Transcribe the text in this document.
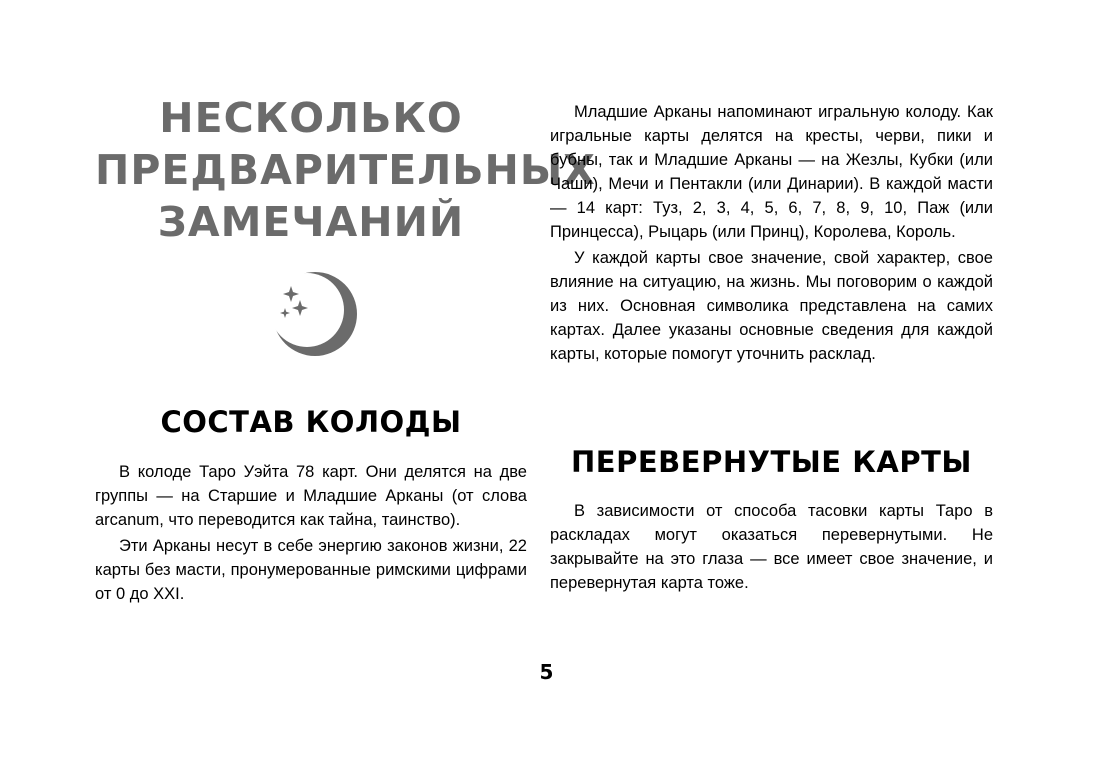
НЕСКОЛЬКО
ПРЕДВАРИТЕЛЬНЫХ
ЗАМЕЧАНИЙ
СОСТАВ КОЛОДЫ

В колоде Таро Уэйта 78 карт. Они делятся на две группы — на Старшие и Младшие Арканы (от слова arcanum, что переводится как тайна, таинство).

Эти Арканы несут в себе энергию законов жизни, 22 карты без масти, пронумерованные римскими цифрами от 0 до XXI.

Младшие Арканы напоминают игральную колоду. Как игральные карты делятся на кресты, черви, пики и бубны, так и Младшие Арканы — на Жезлы, Кубки (или Чаши), Мечи и Пентакли (или Динарии). В каждой масти — 14 карт: Туз, 2, 3, 4, 5, 6, 7, 8, 9, 10, Паж (или Принцесса), Рыцарь (или Принц), Королева, Король.

У каждой карты свое значение, свой характер, свое влияние на ситуацию, на жизнь. Мы поговорим о каждой из них. Основная символика представлена на самих картах. Далее указаны основные сведения для каждой карты, которые помогут уточнить расклад.

ПЕРЕВЕРНУТЫЕ КАРТЫ

В зависимости от способа тасовки карты Таро в раскладах могут оказаться перевернутыми. Не закрывайте на это глаза — все имеет свое значение, и перевернутая карта тоже.

5
